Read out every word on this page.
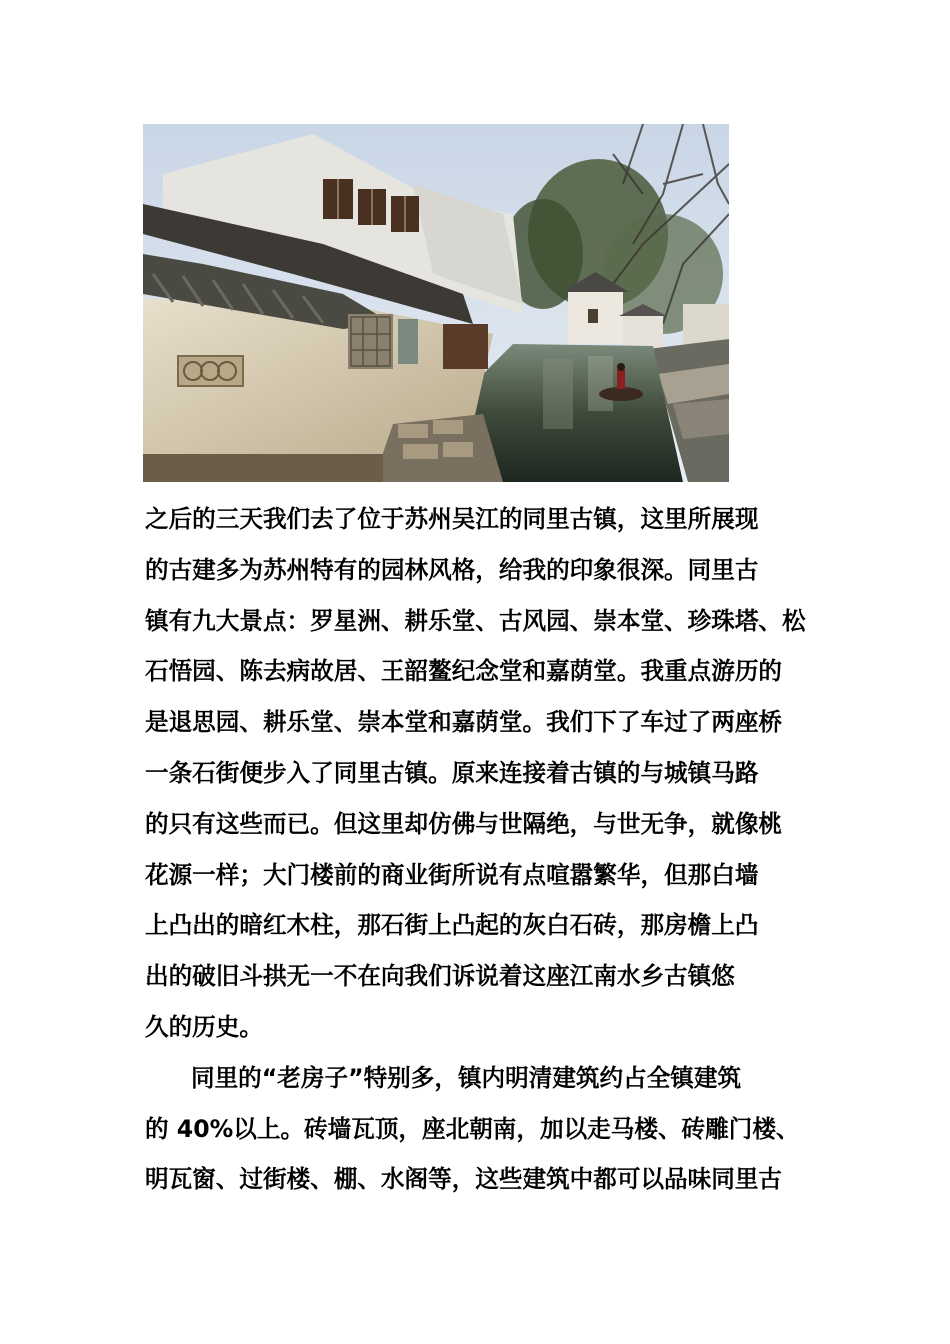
之后的三天我们去了位于苏州吴江的同里古镇，这里所展现
的古建多为苏州特有的园林风格，给我的印象很深。同里古
镇有九大景点：罗星洲、耕乐堂、古风园、崇本堂、珍珠塔、松
石悟园、陈去病故居、王韶鳌纪念堂和嘉荫堂。我重点游历的
是退思园、耕乐堂、崇本堂和嘉荫堂。我们下了车过了两座桥
一条石街便步入了同里古镇。原来连接着古镇的与城镇马路
的只有这些而已。但这里却仿佛与世隔绝，与世无争，就像桃
花源一样；大门楼前的商业街所说有点喧嚣繁华，但那白墙
上凸出的暗红木柱，那石街上凸起的灰白石砖，那房檐上凸
出的破旧斗拱无一不在向我们诉说着这座江南水乡古镇悠
久的历史。
同里的“老房子”特别多，镇内明清建筑约占全镇建筑
的 40%以上。砖墙瓦顶，座北朝南，加以走马楼、砖雕门楼、
明瓦窗、过街楼、棚、水阁等，这些建筑中都可以品味同里古
